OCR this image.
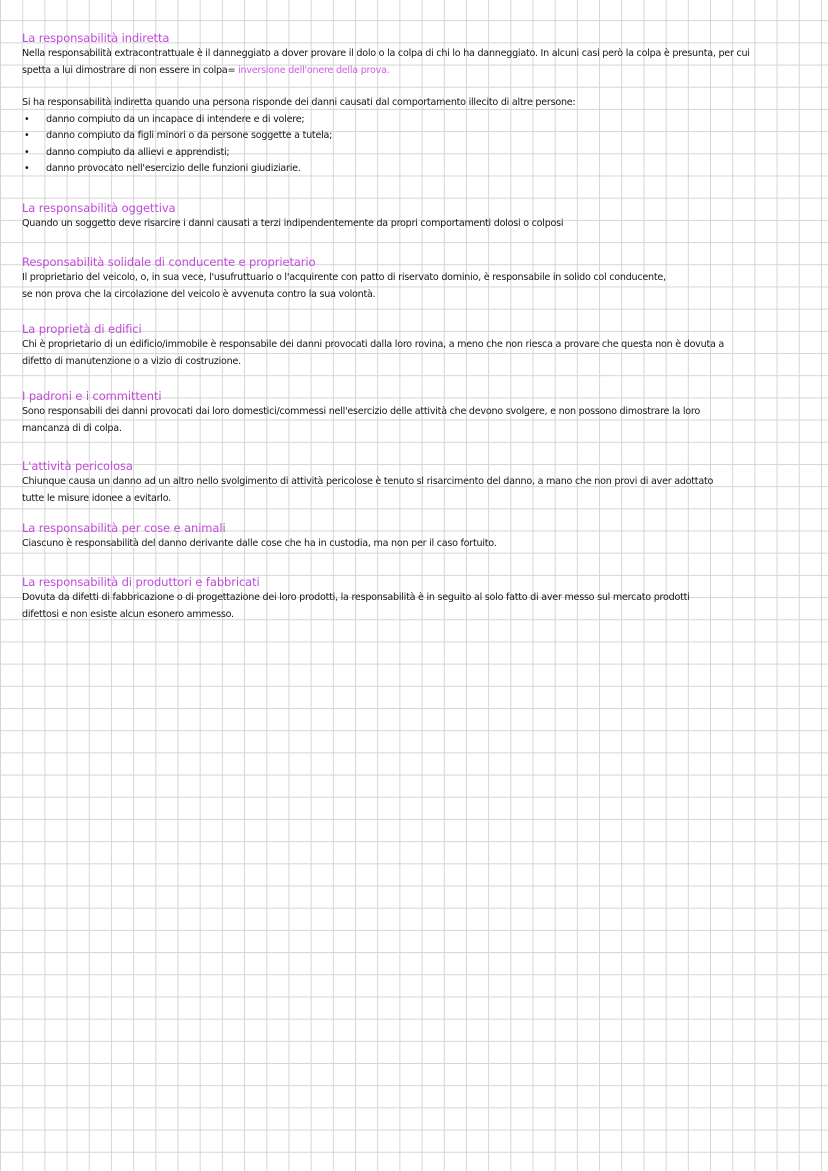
La responsabilità indiretta
Nella responsabilità extracontrattuale è il danneggiato a dover provare il dolo o la colpa di chi lo ha danneggiato. In alcuni casi però la colpa è presunta, per cui
spetta a lui dimostrare di non essere in colpa= inversione dell'onere della prova.
Si ha responsabilità indiretta quando una persona risponde dei danni causati dal comportamento illecito di altre persone:
• danno compiuto da un incapace di intendere e di volere;
• danno compiuto da figli minori o da persone soggette a tutela;
• danno compiuto da allievi e apprendisti;
• danno provocato nell'esercizio delle funzioni giudiziarie.
La responsabilità oggettiva
Quando un soggetto deve risarcire i danni causati a terzi indipendentemente da propri comportamenti dolosi o colposi
Responsabilità solidale di conducente e proprietario
Il proprietario del veicolo, o, in sua vece, l'usufruttuario o l'acquirente con patto di riservato dominio, è responsabile in solido col conducente,
se non prova che la circolazione del veicolo è avvenuta contro la sua volontà.
La proprietà di edifici
Chi è proprietario di un edificio/immobile è responsabile dei danni provocati dalla loro rovina, a meno che non riesca a provare che questa non è dovuta a
difetto di manutenzione o a vizio di costruzione.
I padroni e i committenti
Sono responsabili dei danni provocati dai loro domestici/commessi nell'esercizio delle attività che devono svolgere, e non possono dimostrare la loro
mancanza di di colpa.
L'attività pericolosa
Chiunque causa un danno ad un altro nello svolgimento di attività pericolose è tenuto sl risarcimento del danno, a mano che non provi di aver adottato
tutte le misure idonee a evitarlo.
La responsabilità per cose e animali
Ciascuno è responsabilità del danno derivante dalle cose che ha in custodia, ma non per il caso fortuito.
La responsabilità di produttori e fabbricati
Dovuta da difetti di fabbricazione o di progettazione dei loro prodotti, la responsabilità è in seguito al solo fatto di aver messo sul mercato prodotti
difettosi e non esiste alcun esonero ammesso.
